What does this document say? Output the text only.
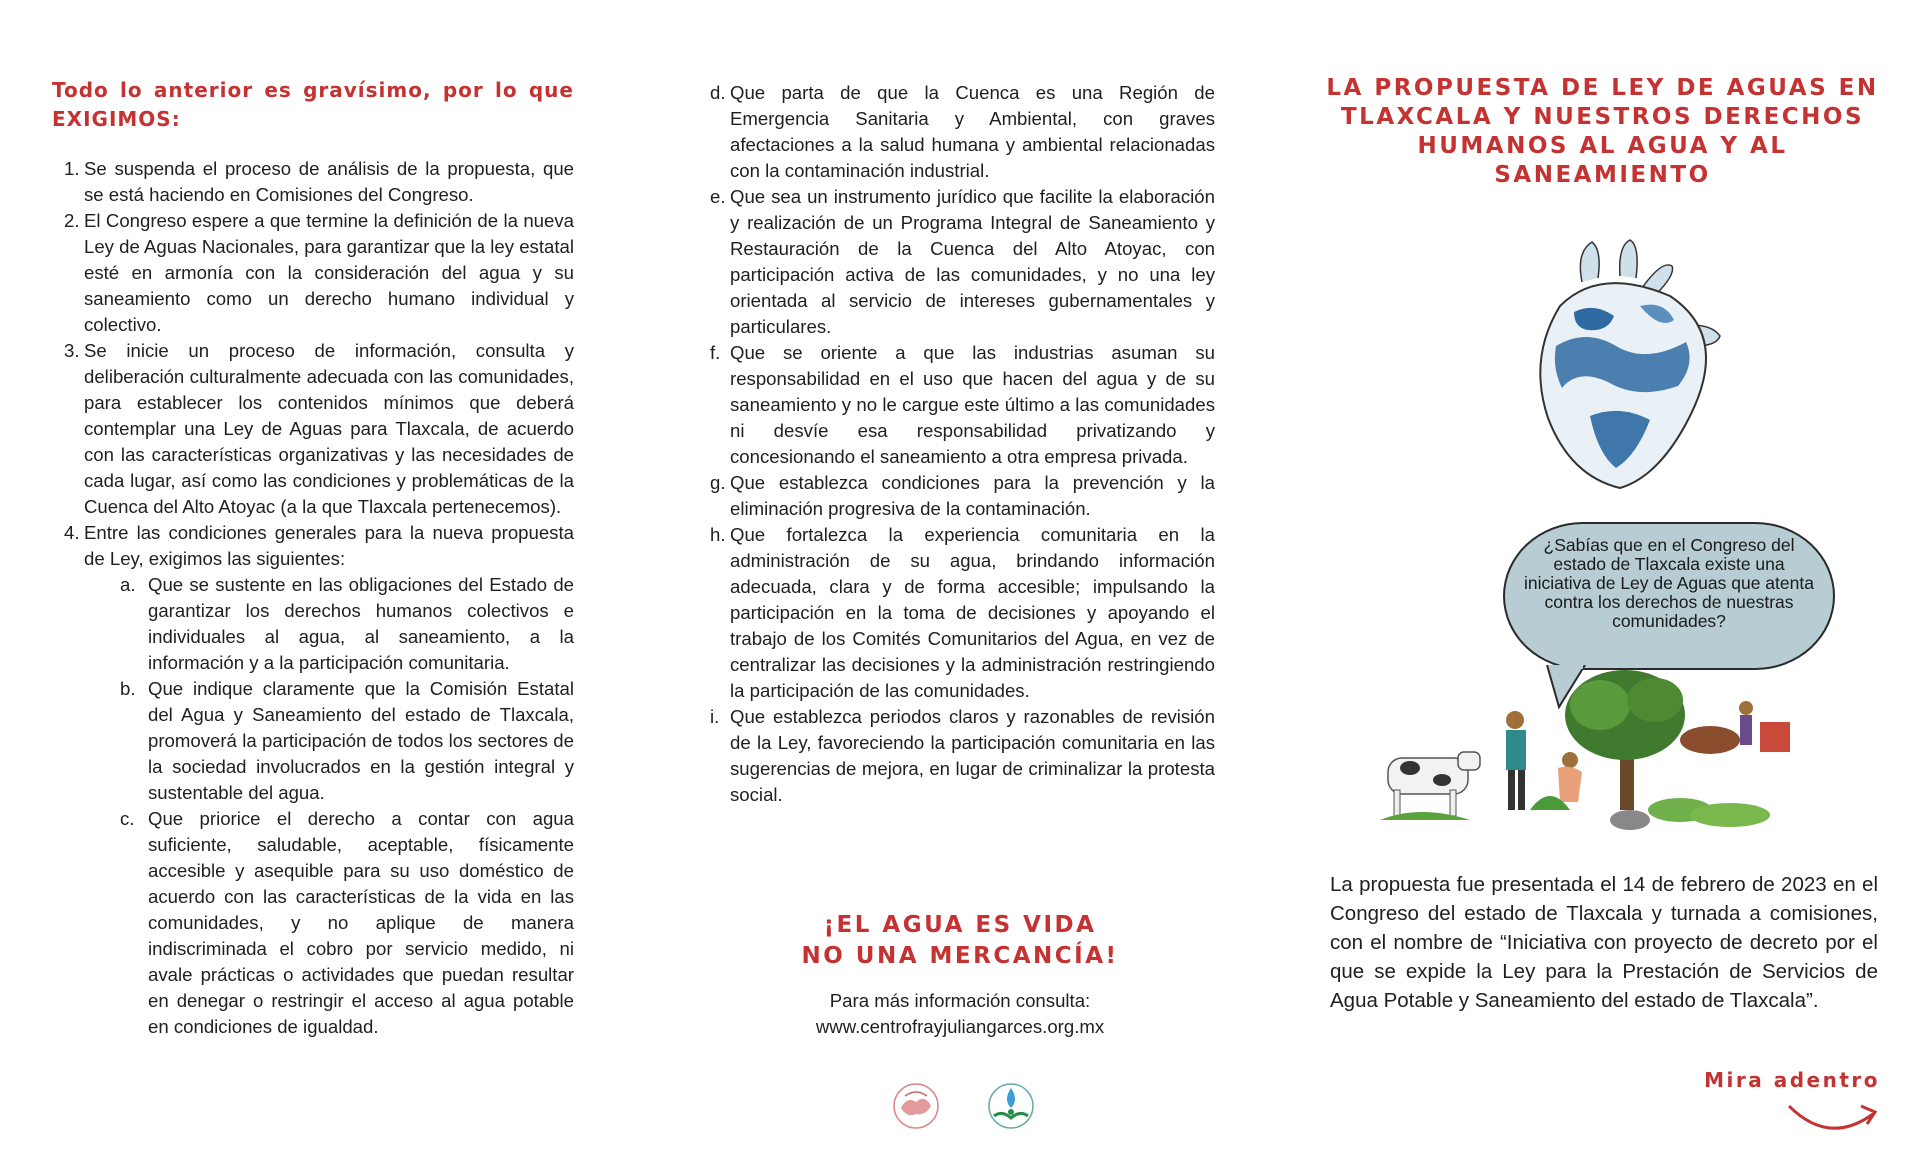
Todo lo anterior es gravísimo, por lo que EXIGIMOS:
1. Se suspenda el proceso de análisis de la propuesta, que se está haciendo en Comisiones del Congreso.
2. El Congreso espere a que termine la definición de la nueva Ley de Aguas Nacionales, para garantizar que la ley estatal esté en armonía con la consideración del agua y su saneamiento como un derecho humano individual y colectivo.
3. Se inicie un proceso de información, consulta y deliberación culturalmente adecuada con las comunidades, para establecer los contenidos mínimos que deberá contemplar una Ley de Aguas para Tlaxcala, de acuerdo con las características organizativas y las necesidades de cada lugar, así como las condiciones y problemáticas de la Cuenca del Alto Atoyac (a la que Tlaxcala pertenecemos).
4. Entre las condiciones generales para la nueva propuesta de Ley, exigimos las siguientes:
a. Que se sustente en las obligaciones del Estado de garantizar los derechos humanos colectivos e individuales al agua, al saneamiento, a la información y a la participación comunitaria.
b. Que indique claramente que la Comisión Estatal del Agua y Saneamiento del estado de Tlaxcala, promoverá la participación de todos los sectores de la sociedad involucrados en la gestión integral y sustentable del agua.
c. Que priorice el derecho a contar con agua suficiente, saludable, aceptable, físicamente accesible y asequible para su uso doméstico de acuerdo con las características de la vida en las comunidades, y no aplique de manera indiscriminada el cobro por servicio medido, ni avale prácticas o actividades que puedan resultar en denegar o restringir el acceso al agua potable en condiciones de igualdad.
d. Que parta de que la Cuenca es una Región de Emergencia Sanitaria y Ambiental, con graves afectaciones a la salud humana y ambiental relacionadas con la contaminación industrial.
e. Que sea un instrumento jurídico que facilite la elaboración y realización de un Programa Integral de Saneamiento y Restauración de la Cuenca del Alto Atoyac, con participación activa de las comunidades, y no una ley orientada al servicio de intereses gubernamentales y particulares.
f. Que se oriente a que las industrias asuman su responsabilidad en el uso que hacen del agua y de su saneamiento y no le cargue este último a las comunidades ni desvíe esa responsabilidad privatizando y concesionando el saneamiento a otra empresa privada.
g. Que establezca condiciones para la prevención y la eliminación progresiva de la contaminación.
h. Que fortalezca la experiencia comunitaria en la administración de su agua, brindando información adecuada, clara y de forma accesible; impulsando la participación en la toma de decisiones y apoyando el trabajo de los Comités Comunitarios del Agua, en vez de centralizar las decisiones y la administración restringiendo la participación de las comunidades.
i. Que establezca periodos claros y razonables de revisión de la Ley, favoreciendo la participación comunitaria en las sugerencias de mejora, en lugar de criminalizar la protesta social.
¡EL AGUA ES VIDA
NO UNA MERCANCÍA!
Para más información consulta:
www.centrofrayjuliangarces.org.mx
LA PROPUESTA DE LEY DE AGUAS EN TLAXCALA Y NUESTROS DERECHOS HUMANOS AL AGUA Y AL SANEAMIENTO
¿Sabías que en el Congreso del estado de Tlaxcala existe una iniciativa de Ley de Aguas que atenta contra los derechos de nuestras comunidades?
La propuesta fue presentada el 14 de febrero de 2023 en el Congreso del estado de Tlaxcala y turnada a comisiones, con el nombre de “Iniciativa con proyecto de decreto por el que se expide la Ley para la Prestación de Servicios de Agua Potable y Saneamiento del estado de Tlaxcala”.
Mira adentro
